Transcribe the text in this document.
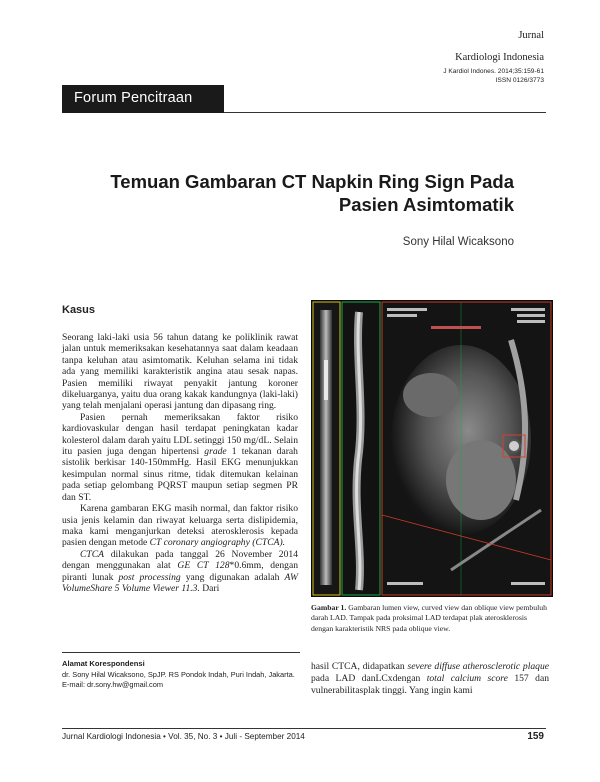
Jurnal
Kardiologi Indonesia
J Kardiol Indones. 2014;35:159-61
ISSN 0126/3773
Forum Pencitraan
Temuan Gambaran CT Napkin Ring Sign Pada
Pasien Asimtomatik
Sony Hilal Wicaksono
Kasus

Seorang laki-laki usia 56 tahun datang ke poliklinik rawat jalan untuk memeriksakan kesehatannya saat dalam keadaan tanpa keluhan atau asimtomatik. Keluhan selama ini tidak ada yang memiliki karakteristik angina atau sesak napas. Pasien memiliki riwayat penyakit jantung koroner dikeluarganya, yaitu dua orang kakak kandungnya (laki-laki) yang telah menjalani operasi jantung dan dipasang ring.

Pasien pernah memeriksakan faktor risiko kardiovaskular dengan hasil terdapat peningkatan kadar kolesterol dalam darah yaitu LDL setinggi 150 mg/dL. Selain itu pasien juga dengan hipertensi grade 1 tekanan darah sistolik berkisar 140-150mmHg. Hasil EKG menunjukkan kesimpulan normal sinus ritme, tidak ditemukan kelainan pada setiap gelombang PQRST maupun setiap segmen PR dan ST.

Karena gambaran EKG masih normal, dan faktor risiko usia jenis kelamin dan riwayat keluarga serta dislipidemia, maka kami menganjurkan deteksi aterosklerosis kepada pasien dengan metode CT coronary angiography (CTCA).

CTCA dilakukan pada tanggal 26 November 2014 dengan menggunakan alat GE CT 128*0.6mm, dengan piranti lunak post processing yang digunakan adalah AW VolumeShare 5 Volume Viewer 11.3. Dari

Alamat Korespondensi
dr. Sony Hilal Wicaksono, SpJP. RS Pondok Indah, Puri Indah, Jakarta. E-mail: dr.sony.hw@gmail.com
Gambar 1. Gambaran lumen view, curved view dan oblique view pembuluh darah LAD. Tampak pada proksimal LAD terdapat plak aterosklerosis dengan karakteristik NRS pada oblique view.
hasil CTCA, didapatkan severe diffuse atherosclerotic plaque pada LAD danLCxdengan total calcium score 157 dan vulnerabilitasplak tinggi. Yang ingin kami
Jurnal Kardiologi Indonesia • Vol. 35, No. 3 • Juli - September 2014	159
